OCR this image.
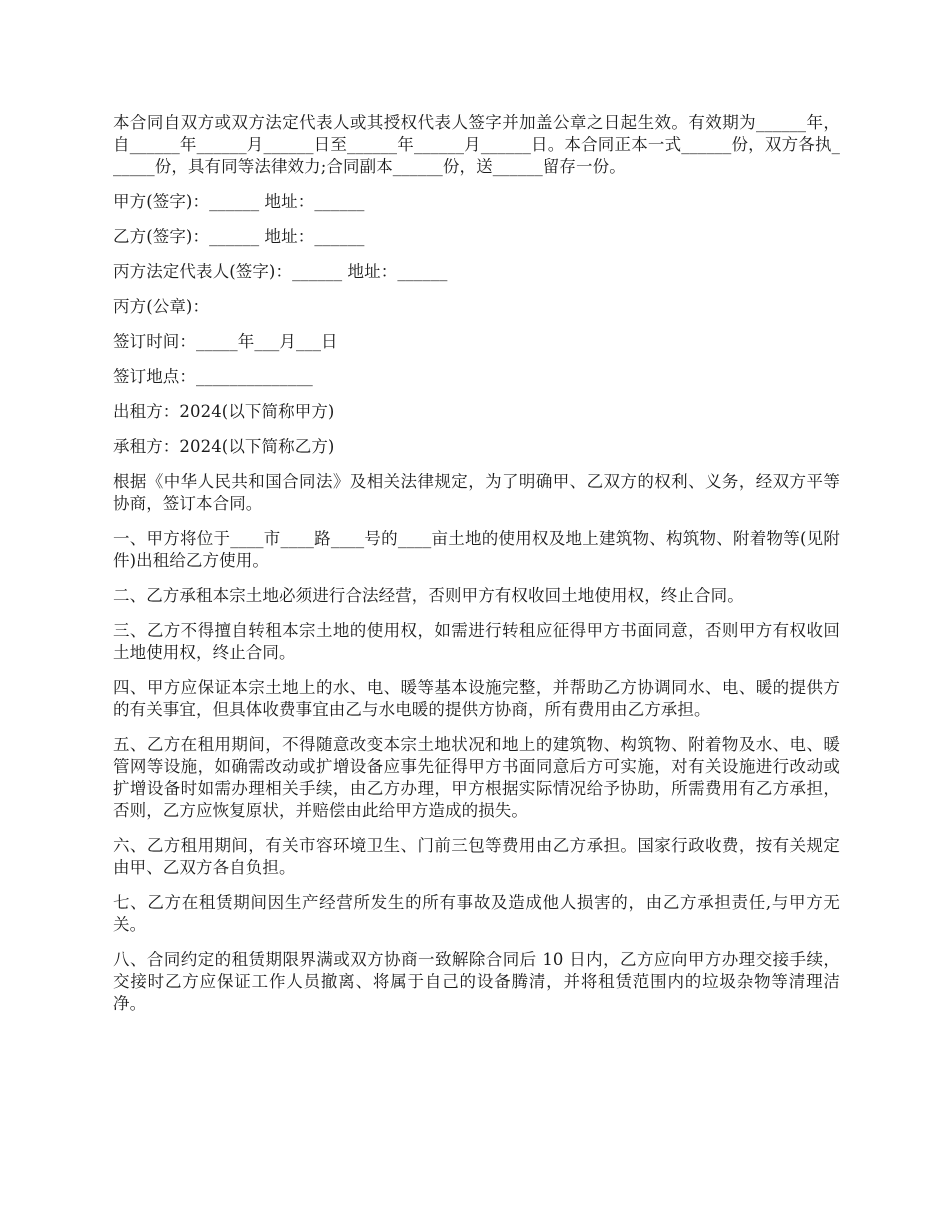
本合同自双方或双方法定代表人或其授权代表人签字并加盖公章之日起生效。有效期为______年，自______年______月______日至______年______月______日。本合同正本一式______份，双方各执______份，具有同等法律效力;合同副本______份，送______留存一份。

甲方(签字)：______ 地址：______

乙方(签字)：______ 地址：______

丙方法定代表人(签字)：______ 地址：______

丙方(公章)：

签订时间：_____年___月___日

签订地点：______________

出租方：2024(以下简称甲方)

承租方：2024(以下简称乙方)

根据《中华人民共和国合同法》及相关法律规定，为了明确甲、乙双方的权利、义务，经双方平等协商，签订本合同。

一、甲方将位于____市____路____号的____亩土地的使用权及地上建筑物、构筑物、附着物等(见附件)出租给乙方使用。

二、乙方承租本宗土地必须进行合法经营，否则甲方有权收回土地使用权，终止合同。

三、乙方不得擅自转租本宗土地的使用权，如需进行转租应征得甲方书面同意，否则甲方有权收回土地使用权，终止合同。

四、甲方应保证本宗土地上的水、电、暖等基本设施完整，并帮助乙方协调同水、电、暖的提供方的有关事宜，但具体收费事宜由乙与水电暖的提供方协商，所有费用由乙方承担。

五、乙方在租用期间，不得随意改变本宗土地状况和地上的建筑物、构筑物、附着物及水、电、暖管网等设施，如确需改动或扩增设备应事先征得甲方书面同意后方可实施，对有关设施进行改动或扩增设备时如需办理相关手续，由乙方办理，甲方根据实际情况给予协助，所需费用有乙方承担，否则，乙方应恢复原状，并赔偿由此给甲方造成的损失。

六、乙方租用期间，有关市容环境卫生、门前三包等费用由乙方承担。国家行政收费，按有关规定由甲、乙双方各自负担。

七、乙方在租赁期间因生产经营所发生的所有事故及造成他人损害的，由乙方承担责任,与甲方无关。

八、合同约定的租赁期限界满或双方协商一致解除合同后 10 日内，乙方应向甲方办理交接手续，交接时乙方应保证工作人员撤离、将属于自己的设备腾清，并将租赁范围内的垃圾杂物等清理洁净。
